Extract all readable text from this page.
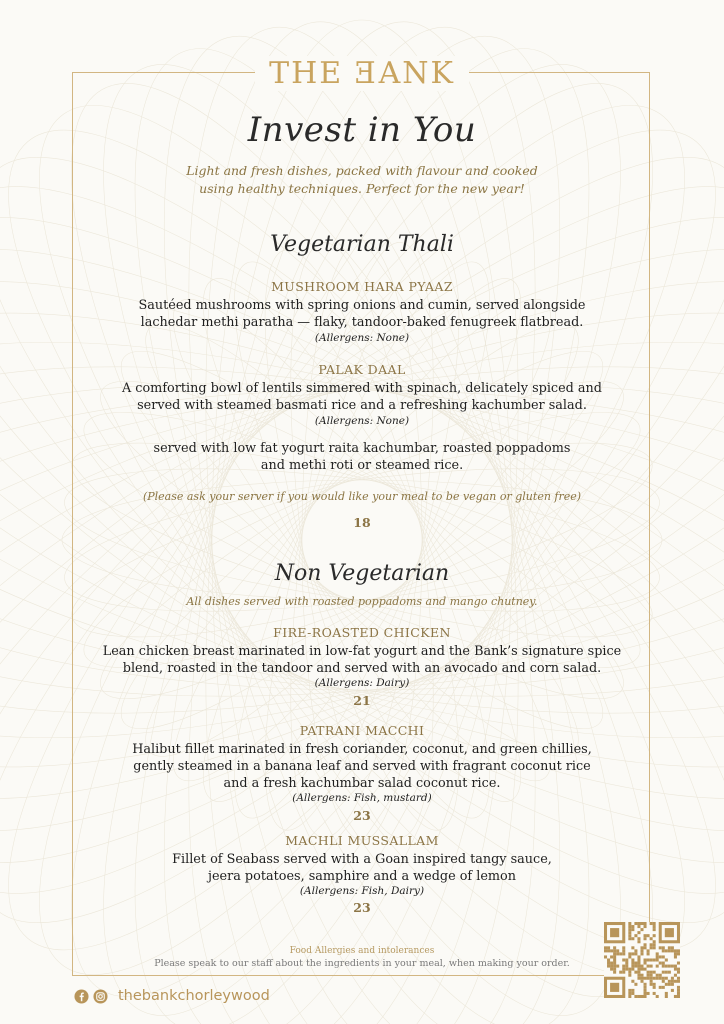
THE ƎANK
Invest in You
Light and fresh dishes, packed with flavour and cooked using healthy techniques. Perfect for the new year!
Vegetarian Thali
MUSHROOM HARA PYAAZ
Sautéed mushrooms with spring onions and cumin, served alongside
lachedar methi paratha — flaky, tandoor-baked fenugreek flatbread.
(Allergens: None)
PALAK DAAL
A comforting bowl of lentils simmered with spinach, delicately spiced and
served with steamed basmati rice and a refreshing kachumber salad.
(Allergens: None)
served with low fat yogurt raita kachumbar, roasted poppadoms
and methi roti or steamed rice.
(Please ask your server if you would like your meal to be vegan or gluten free)
18
Non Vegetarian
All dishes served with roasted poppadoms and mango chutney.
FIRE-ROASTED CHICKEN
Lean chicken breast marinated in low-fat yogurt and the Bank’s signature spice
blend, roasted in the tandoor and served with an avocado and corn salad.
(Allergens: Dairy)
21
PATRANI MACCHI
Halibut fillet marinated in fresh coriander, coconut, and green chillies,
gently steamed in a banana leaf and served with fragrant coconut rice
and a fresh kachumbar salad coconut rice.
(Allergens: Fish, mustard)
23
MACHLI MUSSALLAM
Fillet of Seabass served with a Goan inspired tangy sauce,
jeera potatoes, samphire and a wedge of lemon
(Allergens: Fish, Dairy)
23
Food Allergies and intolerances
Please speak to our staff about the ingredients in your meal, when making your order.
thebankchorleywood
